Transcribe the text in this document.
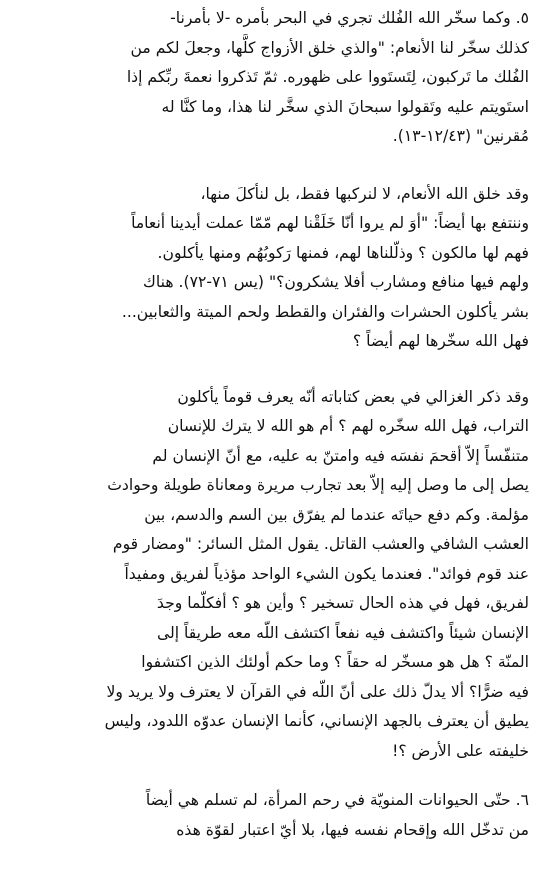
٥. وكما سخّر الله الفُلك تجري في البحر بأمره -لا بأمرنا-
كذلك سخّر لنا الأنعام: "والذي خلق الأزواج كلَّها، وجعلَ لكم من
الفُلك ما تَركبون، لِتَستَووا على ظهوره. ثمّ تَذكروا نعمةَ ربِّكم إذا
استَويتم عليه وتَقولوا سبحانَ الذي سخَّر لنا هذا، وما كنَّا له
مُقرنين" (١٢/٤٣-١٣).

وقد خلق الله الأنعام، لا لنركبها فقط، بل لنأكلَ منها،
وننتفع بها أيضاً: "أوَ لم يروا أنّا خَلَقْنا لهم مّمّا عملت أيدينا أنعاماً
فهم لها مالكون ؟ وذلّلناها لهم، فمنها رَكوبُهُم ومنها يأكلون.
ولهم فيها منافع ومشارب أفلا يشكرون؟" (يس ٧١-٧٢). هناك
بشر يأكلون الحشرات والفئران والقطط ولحم الميتة والثعابين...
فهل الله سخّرها لهم أيضاً ؟

وقد ذكر الغزالي في بعض كتاباته أنّه يعرف قوماً يأكلون
التراب، فهل الله سخّره لهم ؟ أم هو الله لا يترك للإنسان
متنفّساً إلاّ أقحمَ نفسَه فيه وامتنّ به عليه، مع أنّ الإنسان لم
يصل إلى ما وصل إليه إلاّ بعد تجارب مريرة ومعاناة طويلة وحوادث
مؤلمة. وكم دفع حياتَه عندما لم يفرّق بين السم والدسم، بين
العشب الشافي والعشب القاتل. يقول المثل السائر: "ومضار قوم
عند قوم فوائد". فعندما يكون الشيء الواحد مؤذياً لفريق ومفيداً
لفريق، فهل في هذه الحال تسخير ؟ وأين هو ؟ أفكلّما وجدَ
الإنسان شيئاً واكتشف فيه نفعاً اكتشف اللّه معه طريقاً إلى
المنّة ؟ هل هو مسخّر له حقاً ؟ وما حكم أولئك الذين اكتشفوا
فيه ضرًّا؟ ألا يدلّ ذلك على أنّ اللّه في القرآن لا يعترف ولا يريد ولا
يطيق أن يعترف بالجهد الإنساني، كأنما الإنسان عدوّه اللدود، وليس
خليفته على الأرض ؟!

٦. حتّى الحيوانات المنويّة في رحم المرأة، لم تسلم هي أيضاً
من تدخّل الله وإقحام نفسه فيها، بلا أيّ اعتبار لقوّة هذه
